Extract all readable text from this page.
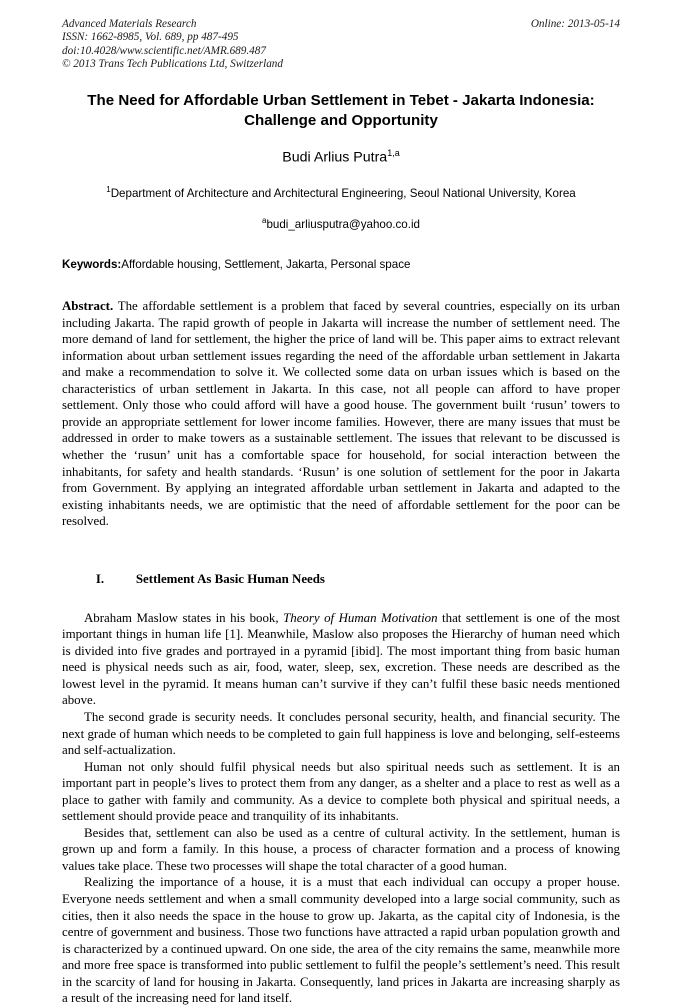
Advanced Materials Research
ISSN: 1662-8985, Vol. 689, pp 487-495
doi:10.4028/www.scientific.net/AMR.689.487
© 2013 Trans Tech Publications Ltd, Switzerland
Online: 2013-05-14
The Need for Affordable Urban Settlement in Tebet - Jakarta Indonesia: Challenge and Opportunity
Budi Arlius Putra$^{1,a}$
$^1$Department of Architecture and Architectural Engineering, Seoul National University, Korea
$^a$budi_arliusputra@yahoo.co.id
Keywords:Affordable housing, Settlement, Jakarta, Personal space
Abstract. The affordable settlement is a problem that faced by several countries, especially on its urban including Jakarta. The rapid growth of people in Jakarta will increase the number of settlement need. The more demand of land for settlement, the higher the price of land will be. This paper aims to extract relevant information about urban settlement issues regarding the need of the affordable urban settlement in Jakarta and make a recommendation to solve it. We collected some data on urban issues which is based on the characteristics of urban settlement in Jakarta. In this case, not all people can afford to have proper settlement. Only those who could afford will have a good house. The government built ‘rusun’ towers to provide an appropriate settlement for lower income families. However, there are many issues that must be addressed in order to make towers as a sustainable settlement. The issues that relevant to be discussed is whether the ‘rusun’ unit has a comfortable space for household, for social interaction between the inhabitants, for safety and health standards. ‘Rusun’ is one solution of settlement for the poor in Jakarta from Government. By applying an integrated affordable urban settlement in Jakarta and adapted to the existing inhabitants needs, we are optimistic that the need of affordable settlement for the poor can be resolved.

I. Settlement As Basic Human Needs

Abraham Maslow states in his book, Theory of Human Motivation that settlement is one of the most important things in human life [1]. Meanwhile, Maslow also proposes the Hierarchy of human need which is divided into five grades and portrayed in a pyramid [ibid]. The most important thing from basic human need is physical needs such as air, food, water, sleep, sex, excretion. These needs are described as the lowest level in the pyramid. It means human can’t survive if they can’t fulfil these basic needs mentioned above.

The second grade is security needs. It concludes personal security, health, and financial security. The next grade of human which needs to be completed to gain full happiness is love and belonging, self-esteems and self-actualization.

Human not only should fulfil physical needs but also spiritual needs such as settlement. It is an important part in people’s lives to protect them from any danger, as a shelter and a place to rest as well as a place to gather with family and community. As a device to complete both physical and spiritual needs, a settlement should provide peace and tranquility of its inhabitants.

Besides that, settlement can also be used as a centre of cultural activity. In the settlement, human is grown up and form a family. In this house, a process of character formation and a process of knowing values take place. These two processes will shape the total character of a good human.

Realizing the importance of a house, it is a must that each individual can occupy a proper house. Everyone needs settlement and when a small community developed into a large social community, such as cities, then it also needs the space in the house to grow up. Jakarta, as the capital city of Indonesia, is the centre of government and business. Those two functions have attracted a rapid urban population growth and is characterized by a continued upward. On one side, the area of the city remains the same, meanwhile more and more free space is transformed into public settlement to fulfil the people’s settlement’s need. This result in the scarcity of land for housing in Jakarta. Consequently, land prices in Jakarta are increasing sharply as a result of the increasing need for land itself.
